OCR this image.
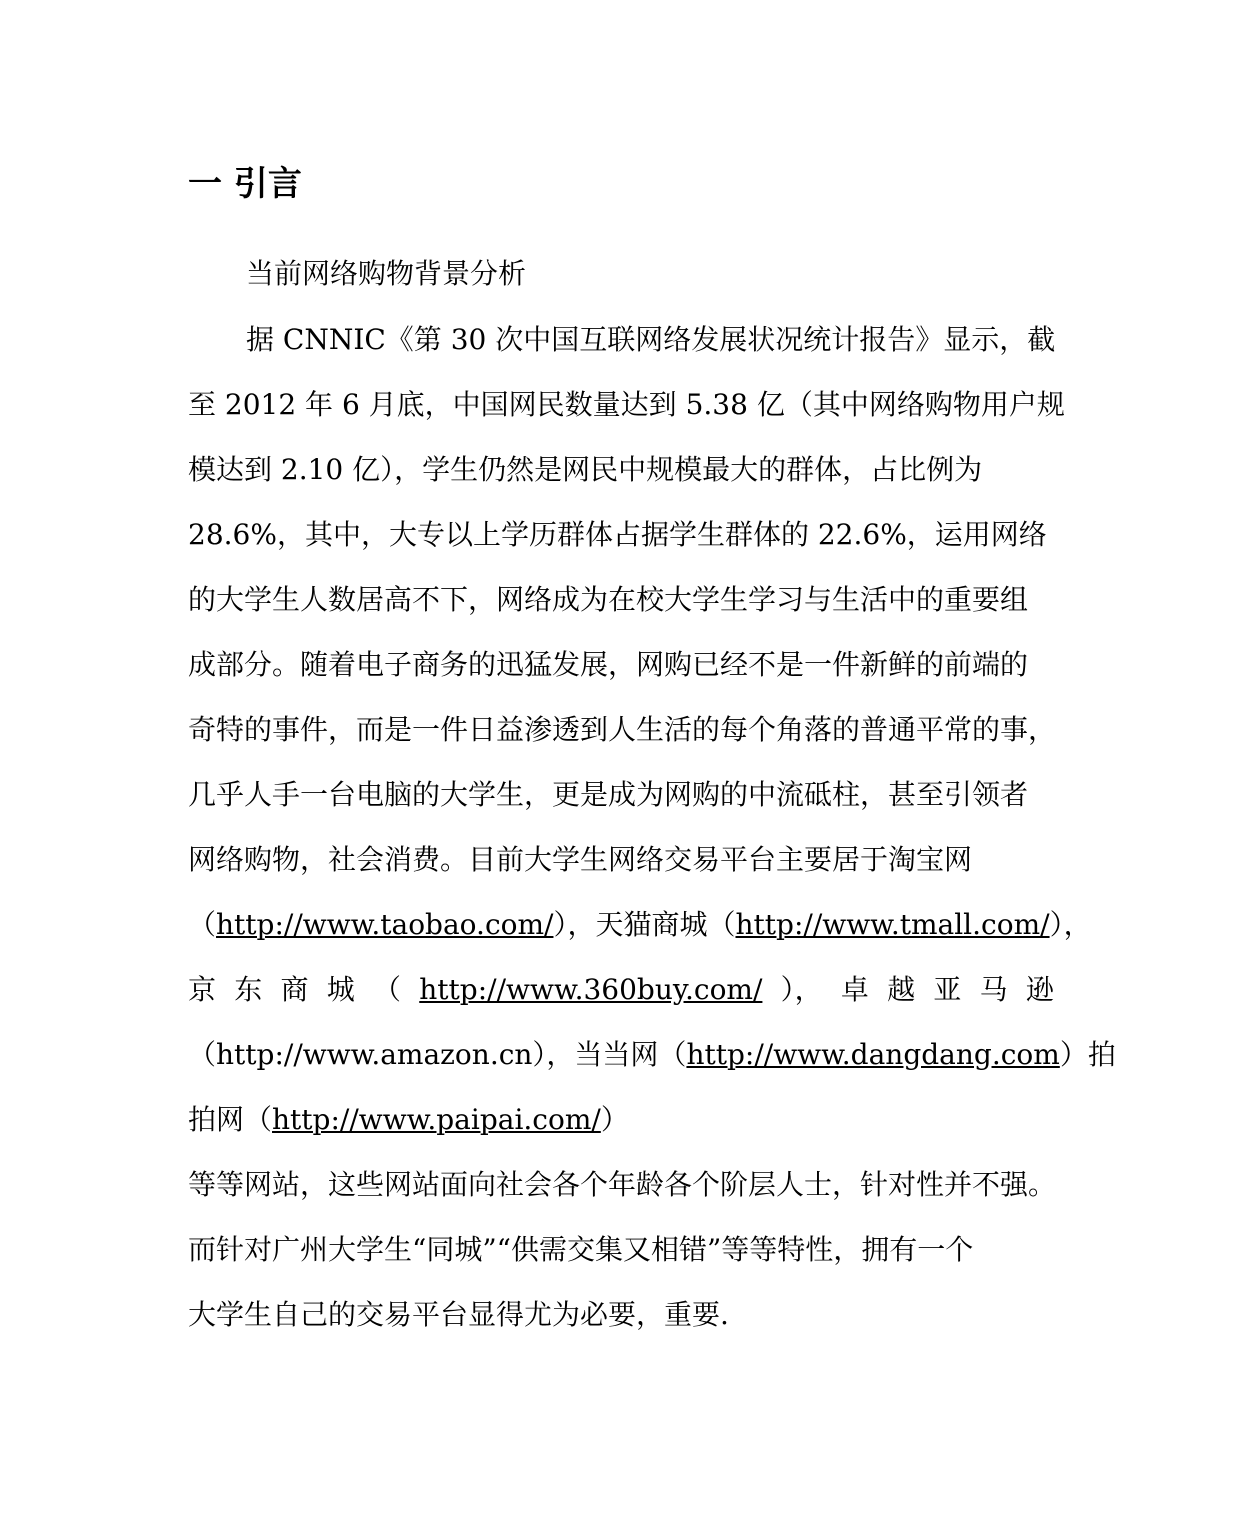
一 引言
当前网络购物背景分析
据 CNNIC《第 30 次中国互联网络发展状况统计报告》显示，截
至 2012 年 6 月底，中国网民数量达到 5.38 亿（其中网络购物用户规
模达到 2.10 亿），学生仍然是网民中规模最大的群体，占比例为
28.6%，其中，大专以上学历群体占据学生群体的 22.6%，运用网络
的大学生人数居高不下，网络成为在校大学生学习与生活中的重要组
成部分。随着电子商务的迅猛发展，网购已经不是一件新鲜的前端的
奇特的事件，而是一件日益渗透到人生活的每个角落的普通平常的事，
几乎人手一台电脑的大学生，更是成为网购的中流砥柱，甚至引领者
网络购物，社会消费。目前大学生网络交易平台主要居于淘宝网
（http://www.taobao.com/），天猫商城（http://www.tmall.com/），
京 东 商 城 （ http://www.360buy.com/ ）， 卓 越 亚 马 逊
（http://www.amazon.cn），当当网（http://www.dangdang.com）拍
拍网（http://www.paipai.com/）
等等网站，这些网站面向社会各个年龄各个阶层人士，针对性并不强。
而针对广州大学生“同城”“供需交集又相错”等等特性，拥有一个
大学生自己的交易平台显得尤为必要，重要.
